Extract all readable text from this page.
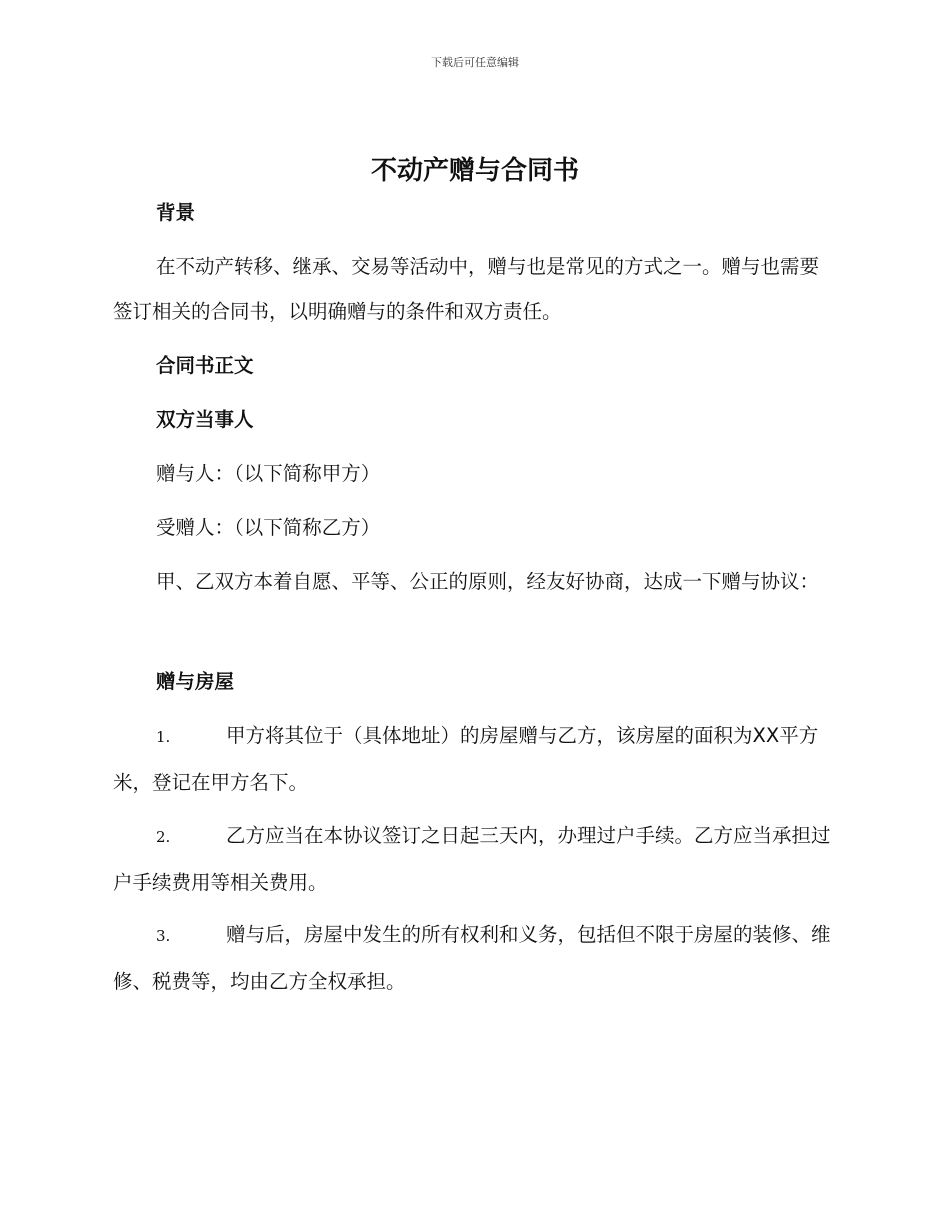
下载后可任意编辑
不动产赠与合同书

背景

在不动产转移、继承、交易等活动中，赠与也是常见的方式之一。赠与也需要签订相关的合同书，以明确赠与的条件和双方责任。

合同书正文

双方当事人

赠与人：（以下简称甲方）

受赠人：（以下简称乙方）

甲、乙双方本着自愿、平等、公正的原则，经友好协商，达成一下赠与协议：

赠与房屋

1.	甲方将其位于（具体地址）的房屋赠与乙方，该房屋的面积为XX平方米，登记在甲方名下。

2.	乙方应当在本协议签订之日起三天内，办理过户手续。乙方应当承担过户手续费用等相关费用。

3.	赠与后，房屋中发生的所有权利和义务，包括但不限于房屋的装修、维修、税费等，均由乙方全权承担。
